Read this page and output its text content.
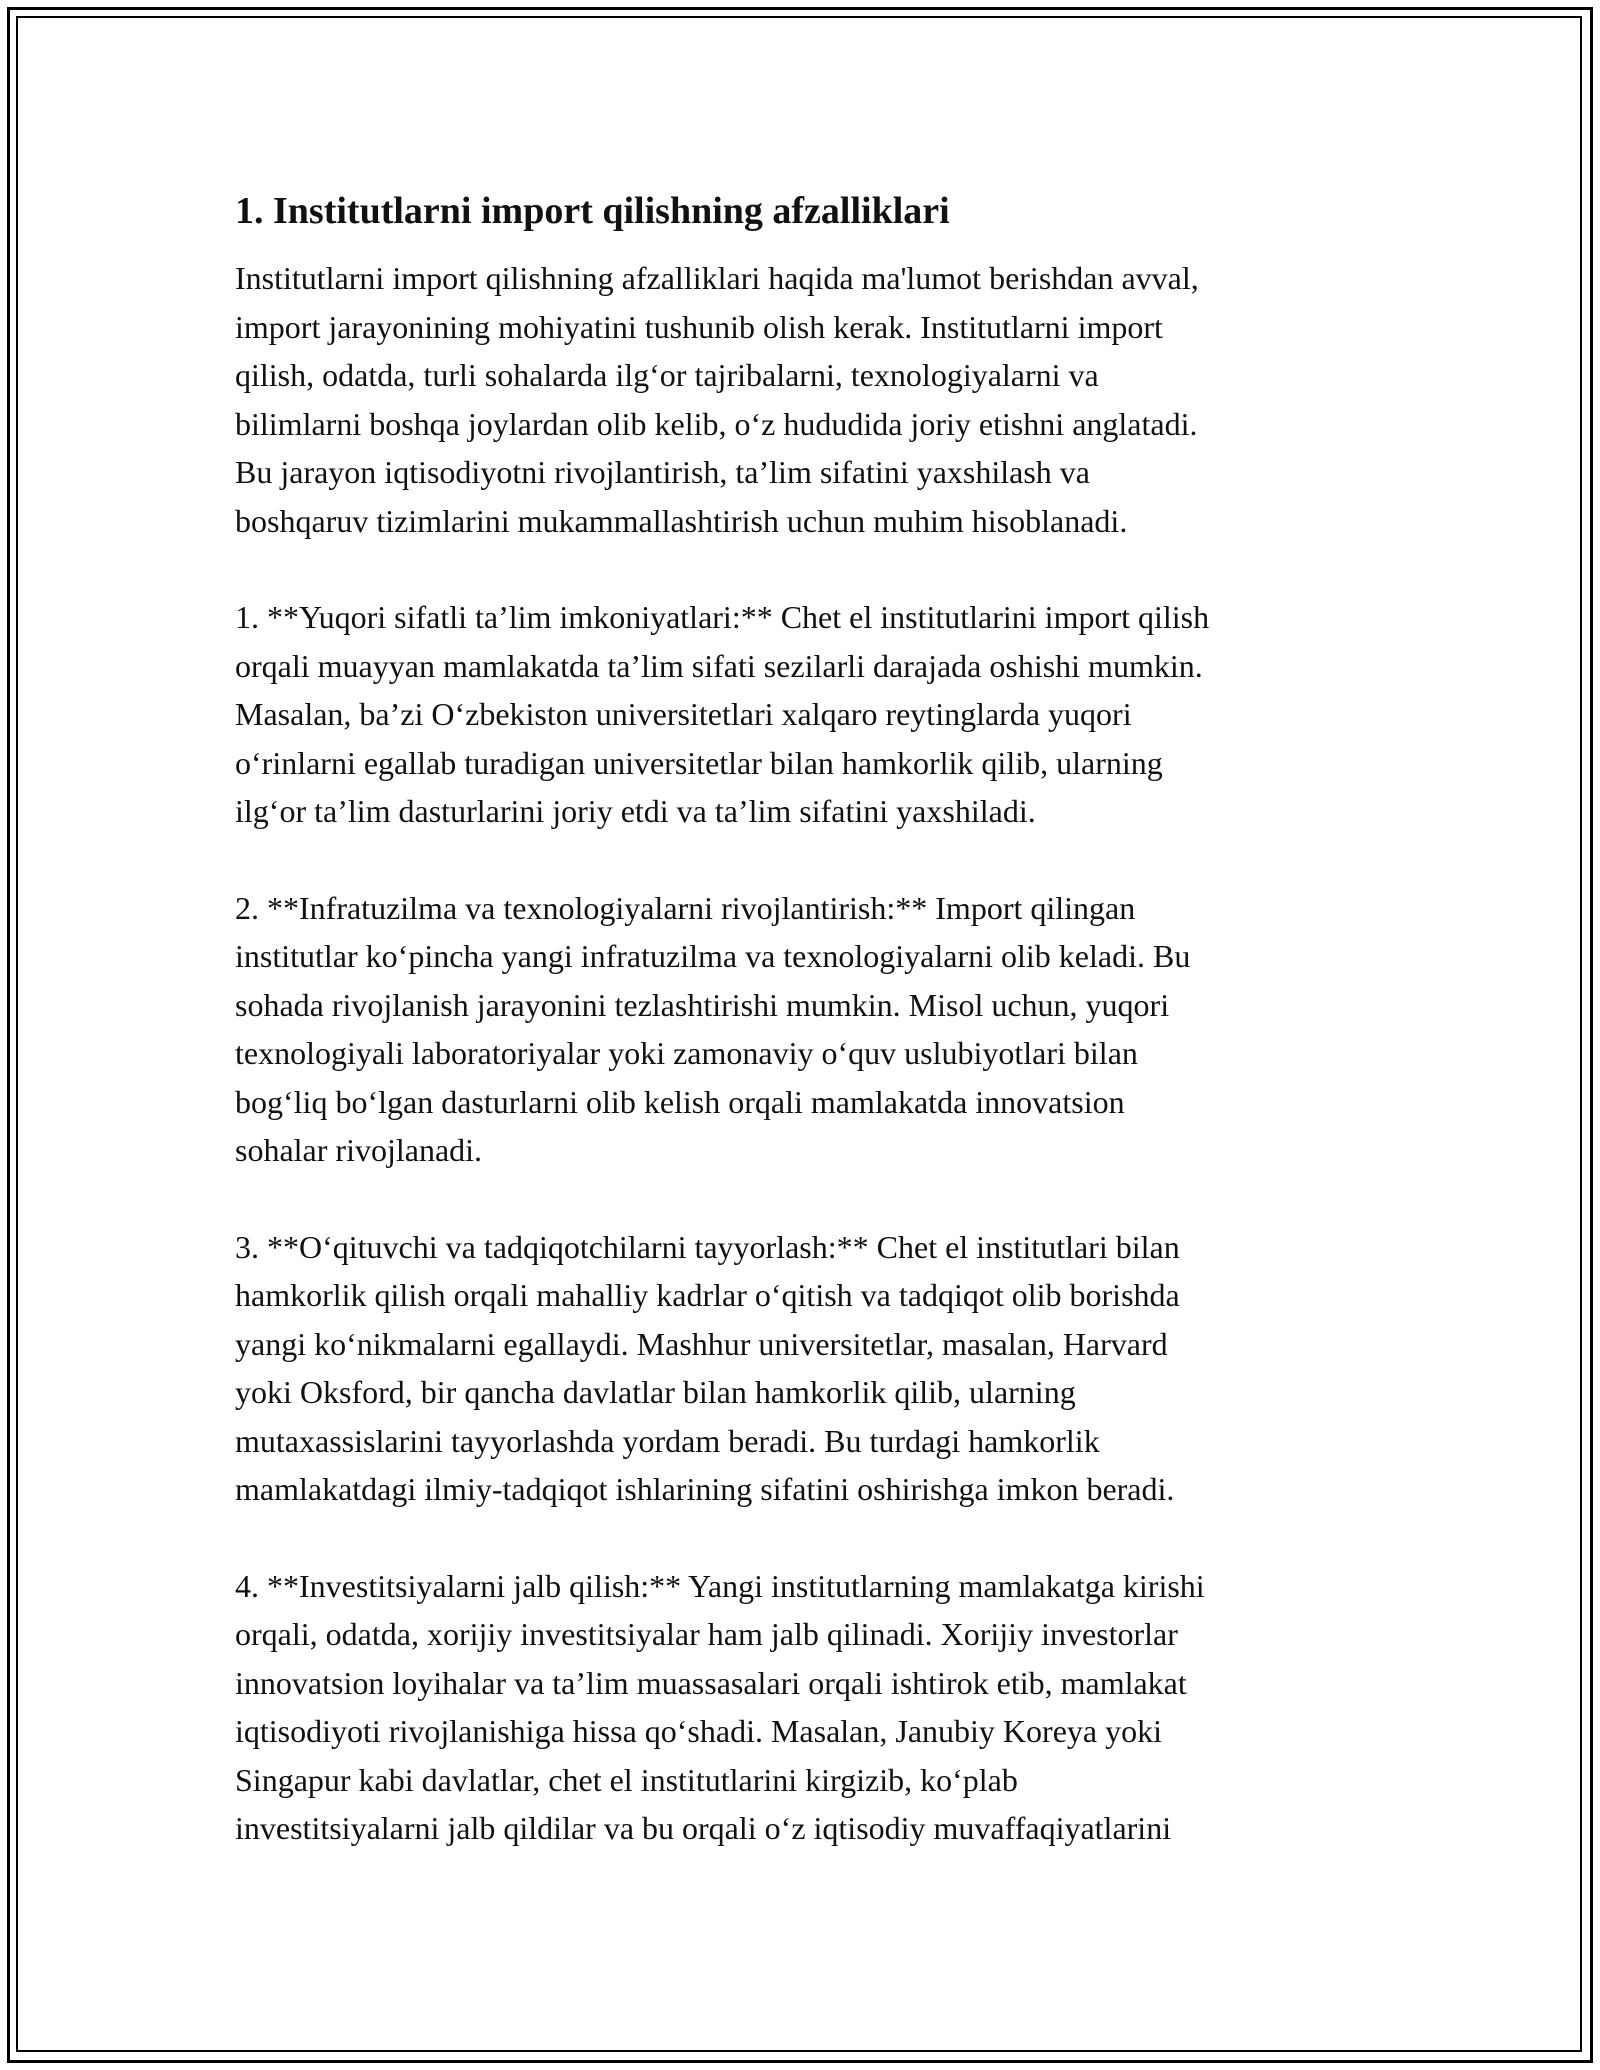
1. Institutlarni import qilishning afzalliklari
Institutlarni import qilishning afzalliklari haqida ma'lumot berishdan avval,
import jarayonining mohiyatini tushunib olish kerak. Institutlarni import
qilish, odatda, turli sohalarda ilg‘or tajribalarni, texnologiyalarni va
bilimlarni boshqa joylardan olib kelib, o‘z hududida joriy etishni anglatadi.
Bu jarayon iqtisodiyotni rivojlantirish, ta’lim sifatini yaxshilash va
boshqaruv tizimlarini mukammallashtirish uchun muhim hisoblanadi.
1. **Yuqori sifatli ta’lim imkoniyatlari:** Chet el institutlarini import qilish
orqali muayyan mamlakatda ta’lim sifati sezilarli darajada oshishi mumkin.
Masalan, ba’zi O‘zbekiston universitetlari xalqaro reytinglarda yuqori
o‘rinlarni egallab turadigan universitetlar bilan hamkorlik qilib, ularning
ilg‘or ta’lim dasturlarini joriy etdi va ta’lim sifatini yaxshiladi.
2. **Infratuzilma va texnologiyalarni rivojlantirish:** Import qilingan
institutlar ko‘pincha yangi infratuzilma va texnologiyalarni olib keladi. Bu
sohada rivojlanish jarayonini tezlashtirishi mumkin. Misol uchun, yuqori
texnologiyali laboratoriyalar yoki zamonaviy o‘quv uslubiyotlari bilan
bog‘liq bo‘lgan dasturlarni olib kelish orqali mamlakatda innovatsion
sohalar rivojlanadi.
3. **O‘qituvchi va tadqiqotchilarni tayyorlash:** Chet el institutlari bilan
hamkorlik qilish orqali mahalliy kadrlar o‘qitish va tadqiqot olib borishda
yangi ko‘nikmalarni egallaydi. Mashhur universitetlar, masalan, Harvard
yoki Oksford, bir qancha davlatlar bilan hamkorlik qilib, ularning
mutaxassislarini tayyorlashda yordam beradi. Bu turdagi hamkorlik
mamlakatdagi ilmiy-tadqiqot ishlarining sifatini oshirishga imkon beradi.
4. **Investitsiyalarni jalb qilish:** Yangi institutlarning mamlakatga kirishi
orqali, odatda, xorijiy investitsiyalar ham jalb qilinadi. Xorijiy investorlar
innovatsion loyihalar va ta’lim muassasalari orqali ishtirok etib, mamlakat
iqtisodiyoti rivojlanishiga hissa qo‘shadi. Masalan, Janubiy Koreya yoki
Singapur kabi davlatlar, chet el institutlarini kirgizib, ko‘plab
investitsiyalarni jalb qildilar va bu orqali o‘z iqtisodiy muvaffaqiyatlarini
